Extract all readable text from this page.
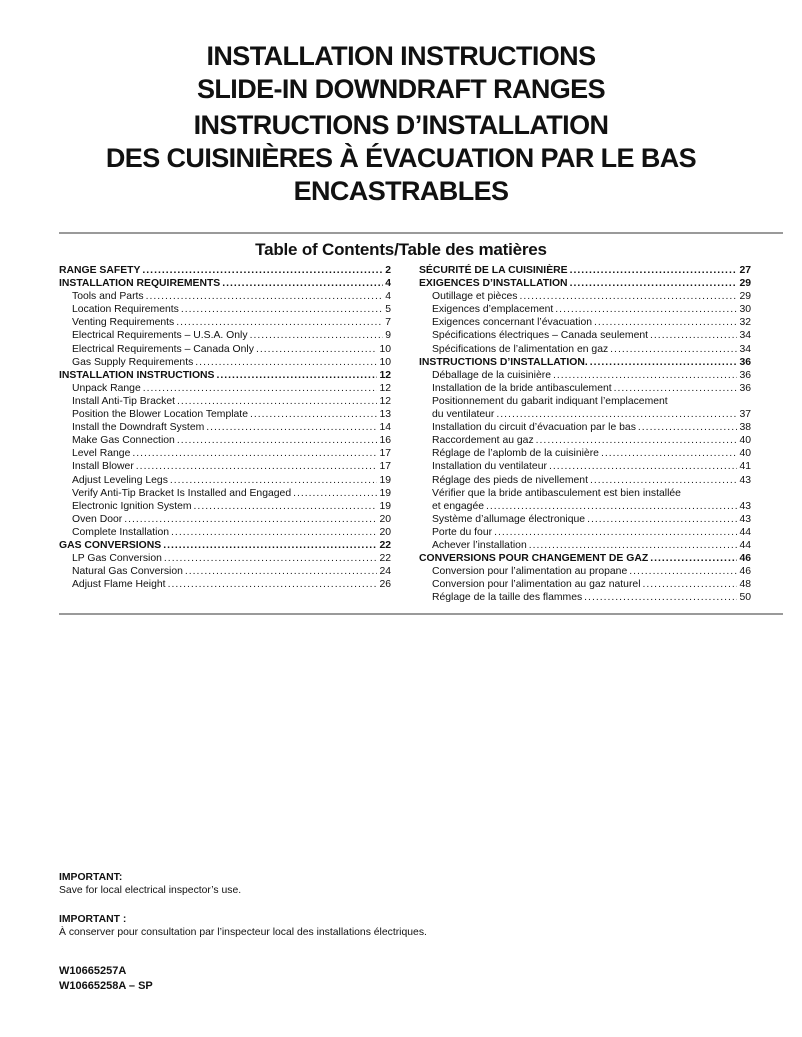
INSTALLATION INSTRUCTIONS
SLIDE-IN DOWNDRAFT RANGES
INSTRUCTIONS D’INSTALLATION
DES CUISINIÈRES À ÉVACUATION PAR LE BAS
ENCASTRABLES
Table of Contents/Table des matières
RANGE SAFETY .....	2
INSTALLATION REQUIREMENTS .....	4
Tools and Parts .....	4
Location Requirements .....	5
Venting Requirements .....	7
Electrical Requirements – U.S.A. Only .....	9
Electrical Requirements – Canada Only .....	10
Gas Supply Requirements .....	10
INSTALLATION INSTRUCTIONS .....	12
Unpack Range .....	12
Install Anti-Tip Bracket .....	12
Position the Blower Location Template .....	13
Install the Downdraft System .....	14
Make Gas Connection .....	16
Level Range .....	17
Install Blower .....	17
Adjust Leveling Legs .....	19
Verify Anti-Tip Bracket Is Installed and Engaged .....	19
Electronic Ignition System .....	19
Oven Door .....	20
Complete Installation .....	20
GAS CONVERSIONS .....	22
LP Gas Conversion .....	22
Natural Gas Conversion .....	24
Adjust Flame Height .....	26
SÉCURITÉ DE LA CUISINIÈRE .....	27
EXIGENCES D’INSTALLATION .....	29
Outillage et pièces .....	29
Exigences d’emplacement .....	30
Exigences concernant l’évacuation .....	32
Spécifications électriques – Canada seulement .....	34
Spécifications de l’alimentation en gaz .....	34
INSTRUCTIONS D’INSTALLATION. .....	36
Déballage de la cuisinière .....	36
Installation de la bride antibasculement .....	36
Positionnement du gabarit indiquant l’emplacement
du ventilateur .....	37
Installation du circuit d’évacuation par le bas .....	38
Raccordement au gaz .....	40
Réglage de l’aplomb de la cuisinière .....	40
Installation du ventilateur .....	41
Réglage des pieds de nivellement .....	43
Vérifier que la bride antibasculement est bien installée
et engagée .....	43
Système d’allumage électronique .....	43
Porte du four .....	44
Achever l’installation .....	44
CONVERSIONS POUR CHANGEMENT DE GAZ .....	46
Conversion pour l’alimentation au propane .....	46
Conversion pour l’alimentation au gaz naturel .....	48
Réglage de la taille des flammes .....	50
IMPORTANT:
Save for local electrical inspector’s use.
IMPORTANT :
À conserver pour consultation par l’inspecteur local des installations électriques.
W10665257A
W10665258A – SP
